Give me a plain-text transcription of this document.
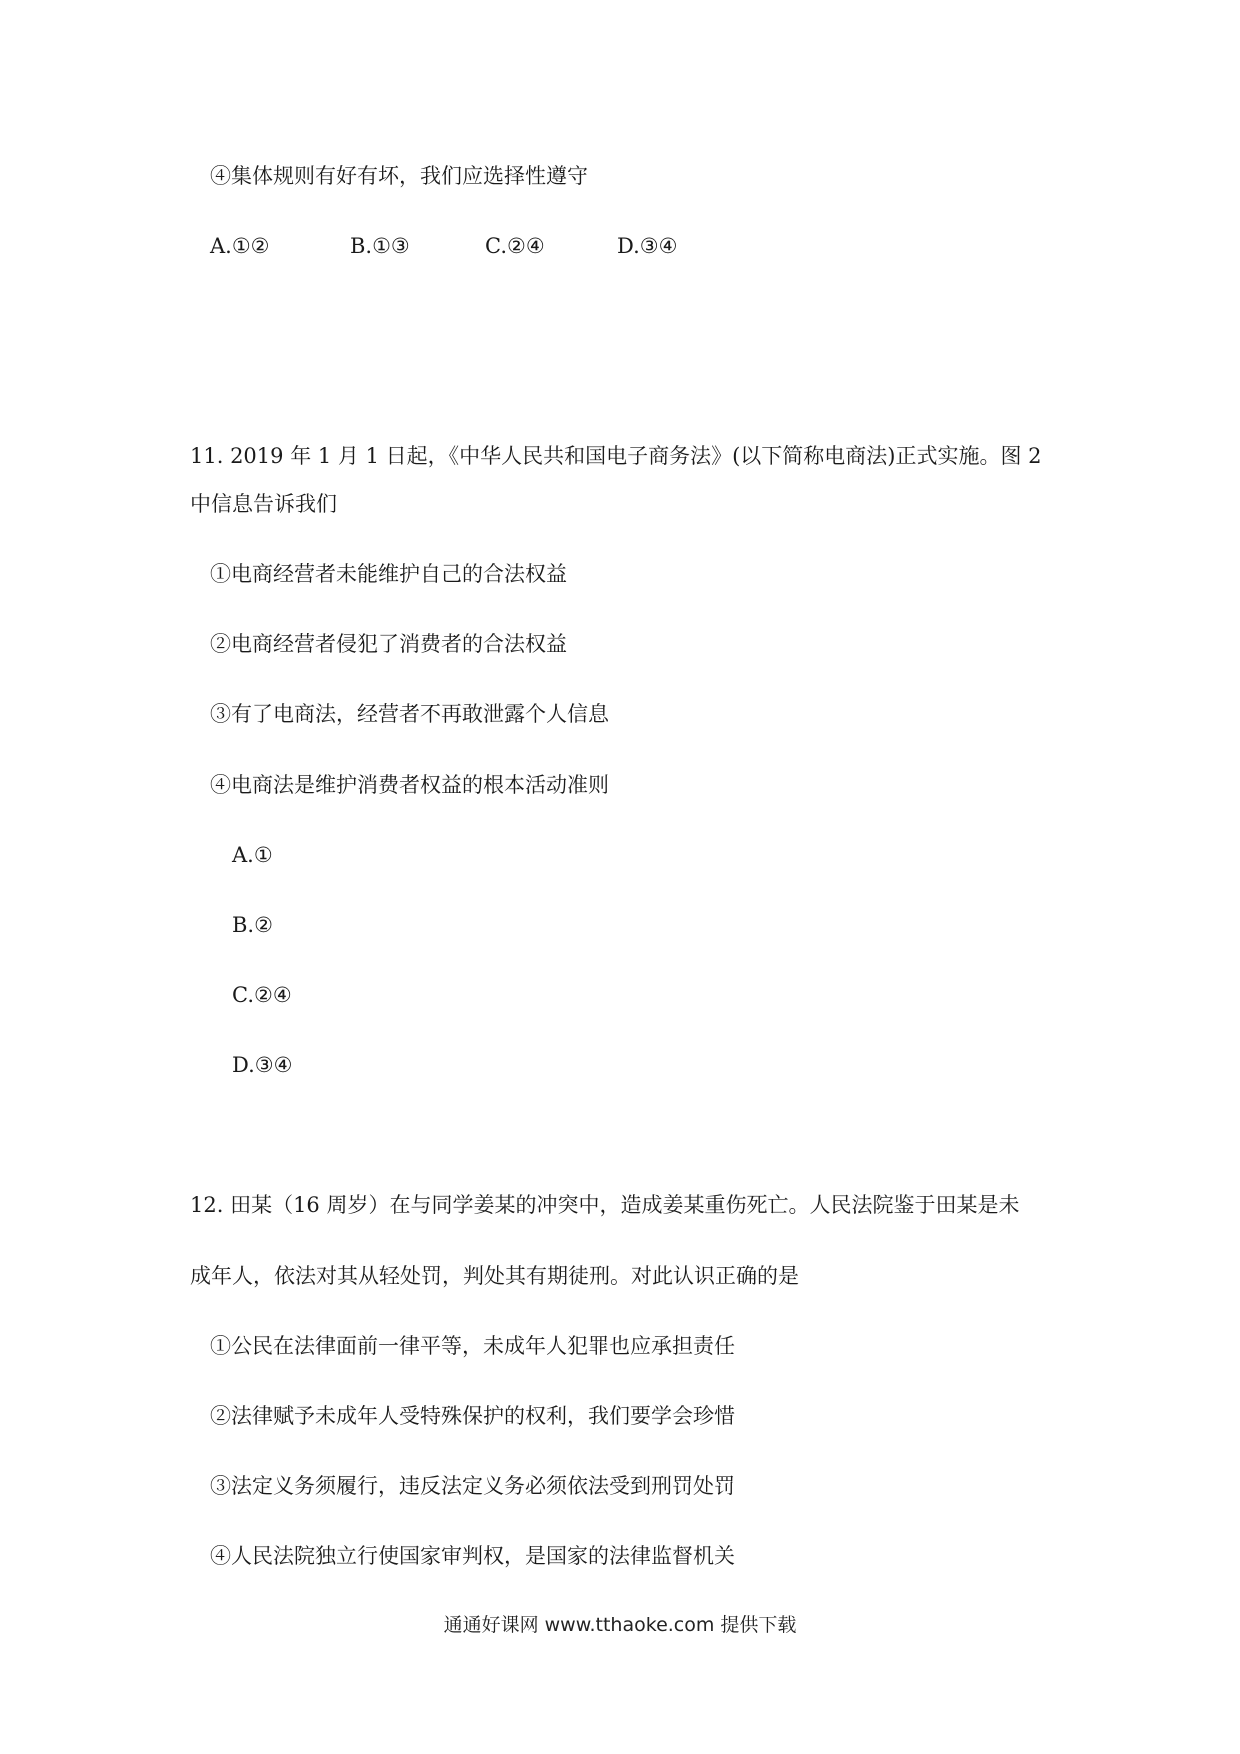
④集体规则有好有坏，我们应选择性遵守
A.①②	B.①③	C.②④	D.③④
11. 2019 年 1 月 1 日起，《中华人民共和国电子商务法》(以下简称电商法)正式实施。图 2
中信息告诉我们
①电商经营者未能维护自己的合法权益
②电商经营者侵犯了消费者的合法权益
③有了电商法，经营者不再敢泄露个人信息
④电商法是维护消费者权益的根本活动准则
A.①
B.②
C.②④
D.③④
12. 田某（16 周岁）在与同学姜某的冲突中，造成姜某重伤死亡。人民法院鉴于田某是未
成年人，依法对其从轻处罚，判处其有期徒刑。对此认识正确的是
①公民在法律面前一律平等，未成年人犯罪也应承担责任
②法律赋予未成年人受特殊保护的权利，我们要学会珍惜
③法定义务须履行，违反法定义务必须依法受到刑罚处罚
④人民法院独立行使国家审判权，是国家的法律监督机关
通通好课网 www.tthaoke.com 提供下载
